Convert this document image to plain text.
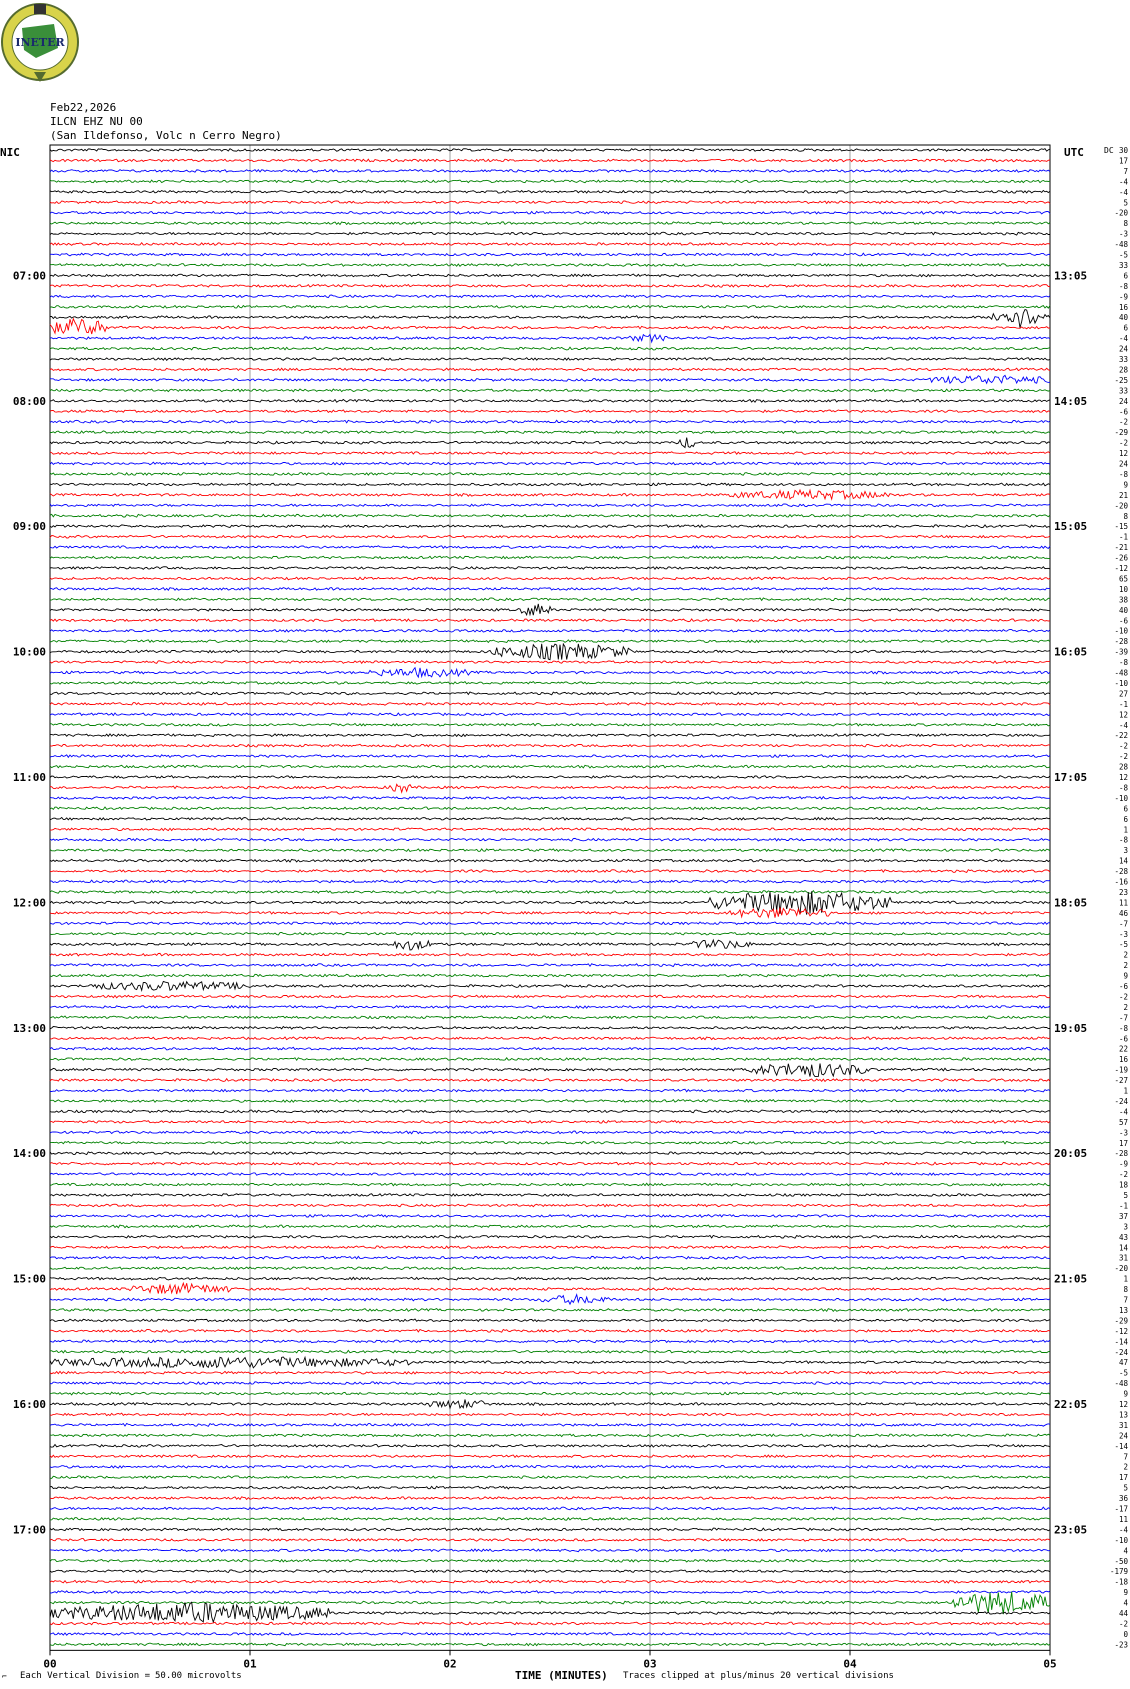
INETER
Feb22,2026
ILCN EHZ NU 00
(San Ildefonso, Volc n Cerro Negro)
30
17
7
-4
-4
5
-20
8
-3
-48
-5
33
6
-8
-9
16
40
6
-4
24
33
28
-25
33
24
-6
-2
-29
-2
12
24
-8
9
21
-20
8
-15
-1
-21
-26
-12
65
10
38
40
-6
-10
-28
-39
-8
-48
-10
27
-1
12
-4
-22
-2
-2
28
12
-8
-10
6
6
1
-8
3
14
-28
-16
23
11
46
-7
-3
-5
2
2
9
-6
-2
2
-7
-8
-6
22
16
-19
-27
1
-24
-4
57
-3
17
-28
-9
-2
18
5
-1
37
3
43
14
31
-20
1
8
7
13
-29
-12
-14
-24
47
-5
-48
9
12
13
31
24
-14
7
2
17
5
36
-17
11
-4
-10
4
-50
-179
-18
9
4
44
-2
0
-23
07:00	13:05
08:00	14:05
09:00	15:05
10:00	16:05
11:00	17:05
12:00	18:05
13:00	19:05
14:00	20:05
15:00	21:05
16:00	22:05
17:00	23:05
00	01	02	03	04	05
NIC	UTC	DC
⌐ Each Vertical Division = 50.00 microvolts	TIME (MINUTES) Traces clipped at plus/minus 20 vertical divisions
